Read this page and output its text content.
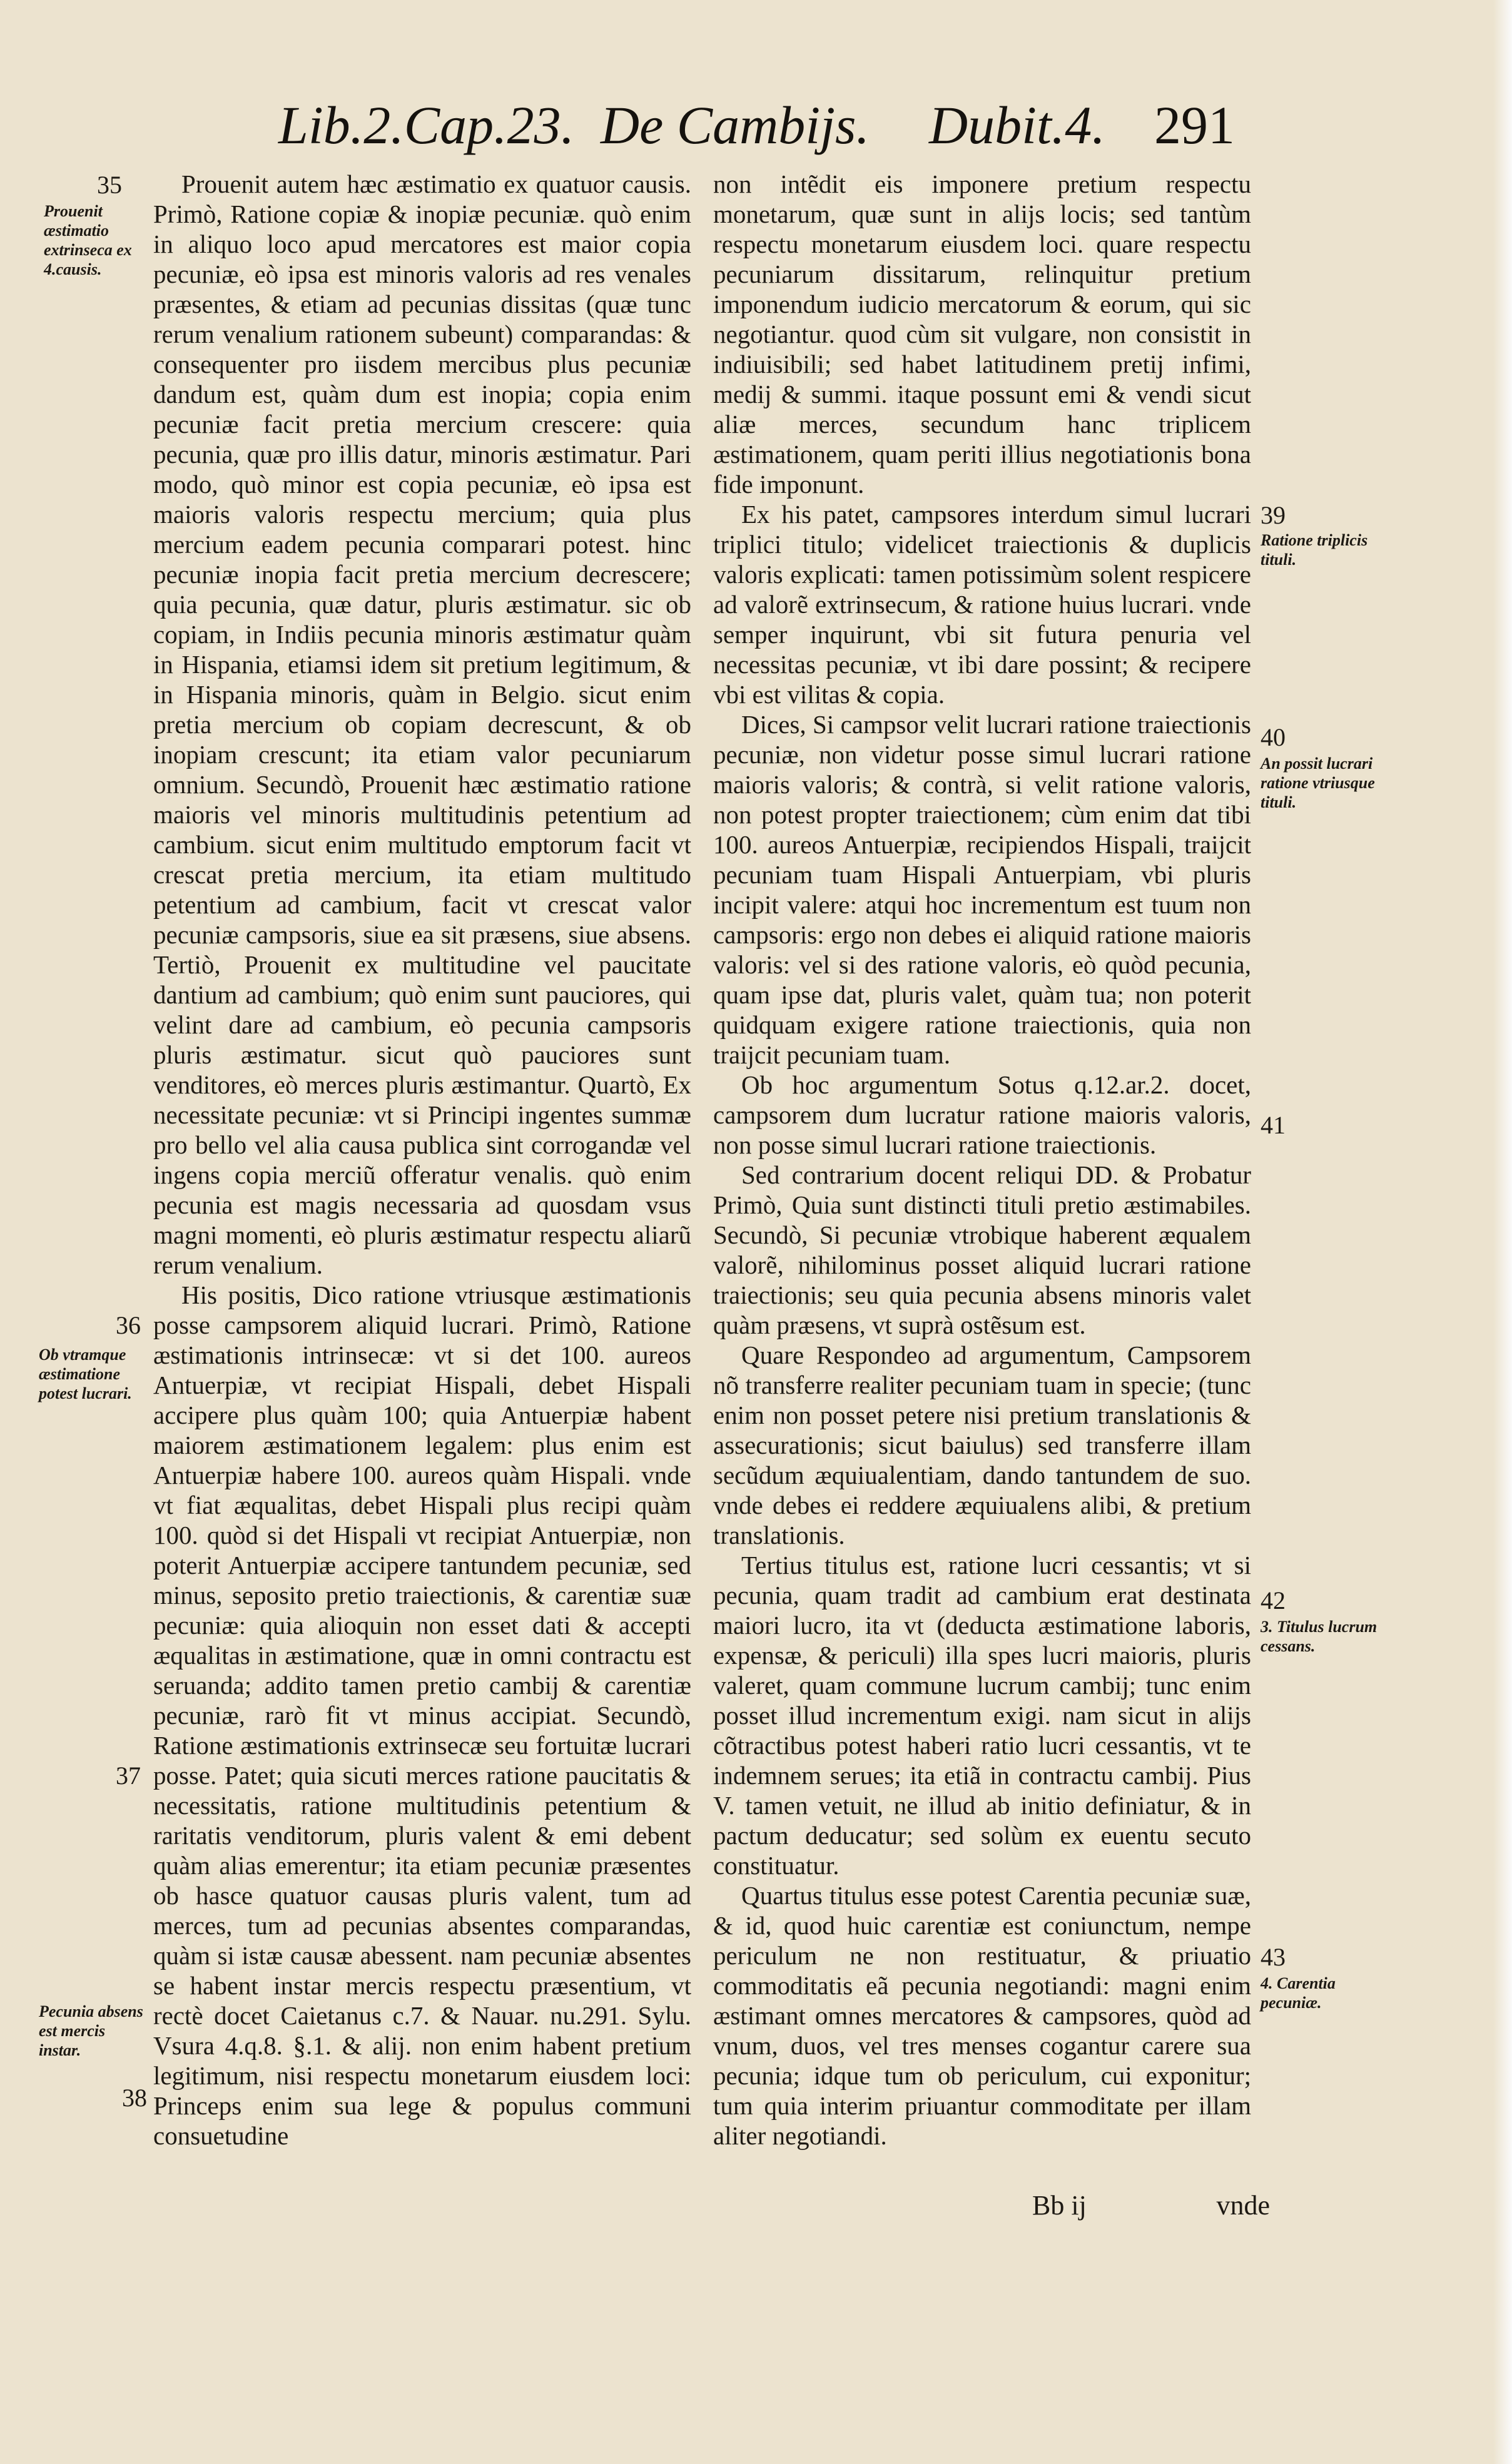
Lib.2.Cap.23. De Cambijs. Dubit.4. 291
35
Prouenit æstimatio extrinseca ex 4.causis.
36
Ob vtramque æstimatione potest lucrari.
37
Pecunia absens est mercis instar.
38
39
Ratione triplicis tituli.
40
An possit lucrari ratione vtriusque tituli.
41
42
3. Titulus lucrum cessans.
43
4. Carentia pecuniæ.

Prouenit autem hæc æstimatio ex quatuor causis. Primò, Ratione copiæ & inopiæ pecuniæ. quò enim in aliquo loco apud mercatores est maior copia pecuniæ, eò ipsa est minoris valoris ad res venales præsentes, & etiam ad pecunias dissitas (quæ tunc rerum venalium rationem subeunt) comparandas: & consequenter pro iisdem mercibus plus pecuniæ dandum est, quàm dum est inopia; copia enim pecuniæ facit pretia mercium crescere: quia pecunia, quæ pro illis datur, minoris æstimatur. Pari modo, quò minor est copia pecuniæ, eò ipsa est maioris valoris respectu mercium; quia plus mercium eadem pecunia comparari potest. hinc pecuniæ inopia facit pretia mercium decrescere; quia pecunia, quæ datur, pluris æstimatur. sic ob copiam, in Indiis pecunia minoris æstimatur quàm in Hispania, etiamsi idem sit pretium legitimum, & in Hispania minoris, quàm in Belgio. sicut enim pretia mercium ob copiam decrescunt, & ob inopiam crescunt; ita etiam valor pecuniarum omnium. Secundò, Prouenit hæc æstimatio ratione maioris vel minoris multitudinis petentium ad cambium. sicut enim multitudo emptorum facit vt crescat pretia mercium, ita etiam multitudo petentium ad cambium, facit vt crescat valor pecuniæ campsoris, siue ea sit præsens, siue absens. Tertiò, Prouenit ex multitudine vel paucitate dantium ad cambium; quò enim sunt pauciores, qui velint dare ad cambium, eò pecunia campsoris pluris æstimatur. sicut quò pauciores sunt venditores, eò merces pluris æstimantur. Quartò, Ex necessitate pecuniæ: vt si Principi ingentes summæ pro bello vel alia causa publica sint corrogandæ vel ingens copia merciũ offeratur venalis. quò enim pecunia est magis necessaria ad quosdam vsus magni momenti, eò pluris æstimatur respectu aliarũ rerum venalium.

His positis, Dico ratione vtriusque æstimationis posse campsorem aliquid lucrari. Primò, Ratione æstimationis intrinsecæ: vt si det 100. aureos Antuerpiæ, vt recipiat Hispali, debet Hispali accipere plus quàm 100; quia Antuerpiæ habent maiorem æstimationem legalem: plus enim est Antuerpiæ habere 100. aureos quàm Hispali. vnde vt fiat æqualitas, debet Hispali plus recipi quàm 100. quòd si det Hispali vt recipiat Antuerpiæ, non poterit Antuerpiæ accipere tantundem pecuniæ, sed minus, seposito pretio traiectionis, & carentiæ suæ pecuniæ: quia alioquin non esset dati & accepti æqualitas in æstimatione, quæ in omni contractu est seruanda; addito tamen pretio cambij & carentiæ pecuniæ, rarò fit vt minus accipiat. Secundò, Ratione æstimationis extrinsecæ seu fortuitæ lucrari posse. Patet; quia sicuti merces ratione paucitatis & necessitatis, ratione multitudinis petentium & raritatis venditorum, pluris valent & emi debent quàm alias emerentur; ita etiam pecuniæ præsentes ob hasce quatuor causas pluris valent, tum ad merces, tum ad pecunias absentes comparandas, quàm si istæ causæ abessent. nam pecuniæ absentes se habent instar mercis respectu præsentium, vt rectè docet Caietanus c.7. & Nauar. nu.291. Sylu. Vsura 4.q.8. §.1. & alij. non enim habent pretium legitimum, nisi respectu monetarum eiusdem loci: Princeps enim sua lege & populus communi consuetudine

non intẽdit eis imponere pretium respectu monetarum, quæ sunt in alijs locis; sed tantùm respectu monetarum eiusdem loci. quare respectu pecuniarum dissitarum, relinquitur pretium imponendum iudicio mercatorum & eorum, qui sic negotiantur. quod cùm sit vulgare, non consistit in indiuisibili; sed habet latitudinem pretij infimi, medij & summi. itaque possunt emi & vendi sicut aliæ merces, secundum hanc triplicem æstimationem, quam periti illius negotiationis bona fide imponunt.

Ex his patet, campsores interdum simul lucrari triplici titulo; videlicet traiectionis & duplicis valoris explicati: tamen potissimùm solent respicere ad valorẽ extrinsecum, & ratione huius lucrari. vnde semper inquirunt, vbi sit futura penuria vel necessitas pecuniæ, vt ibi dare possint; & recipere vbi est vilitas & copia.

Dices, Si campsor velit lucrari ratione traiectionis pecuniæ, non videtur posse simul lucrari ratione maioris valoris; & contrà, si velit ratione valoris, non potest propter traiectionem; cùm enim dat tibi 100. aureos Antuerpiæ, recipiendos Hispali, traijcit pecuniam tuam Hispali Antuerpiam, vbi pluris incipit valere: atqui hoc incrementum est tuum non campsoris: ergo non debes ei aliquid ratione maioris valoris: vel si des ratione valoris, eò quòd pecunia, quam ipse dat, pluris valet, quàm tua; non poterit quidquam exigere ratione traiectionis, quia non traijcit pecuniam tuam.

Ob hoc argumentum Sotus q.12.ar.2. docet, campsorem dum lucratur ratione maioris valoris, non posse simul lucrari ratione traiectionis.

Sed contrarium docent reliqui DD. & Probatur Primò, Quia sunt distincti tituli pretio æstimabiles. Secundò, Si pecuniæ vtrobique haberent æqualem valorẽ, nihilominus posset aliquid lucrari ratione traiectionis; seu quia pecunia absens minoris valet quàm præsens, vt suprà ostẽsum est.

Quare Respondeo ad argumentum, Campsorem nõ transferre realiter pecuniam tuam in specie; (tunc enim non posset petere nisi pretium translationis & assecurationis; sicut baiulus) sed transferre illam secũdum æquiualentiam, dando tantundem de suo. vnde debes ei reddere æquiualens alibi, & pretium translationis.

Tertius titulus est, ratione lucri cessantis; vt si pecunia, quam tradit ad cambium erat destinata maiori lucro, ita vt (deducta æstimatione laboris, expensæ, & periculi) illa spes lucri maioris, pluris valeret, quam commune lucrum cambij; tunc enim posset illud incrementum exigi. nam sicut in alijs cõtractibus potest haberi ratio lucri cessantis, vt te indemnem serues; ita etiã in contractu cambij. Pius V. tamen vetuit, ne illud ab initio definiatur, & in pactum deducatur; sed solùm ex euentu secuto constituatur.

Quartus titulus esse potest Carentia pecuniæ suæ, & id, quod huic carentiæ est coniunctum, nempe periculum ne non restituatur, & priuatio commoditatis eã pecunia negotiandi: magni enim æstimant omnes mercatores & campsores, quòd ad vnum, duos, vel tres menses cogantur carere sua pecunia; idque tum ob periculum, cui exponitur; tum quia interim priuantur commoditate per illam aliter negotiandi.

Bb ij	vnde
